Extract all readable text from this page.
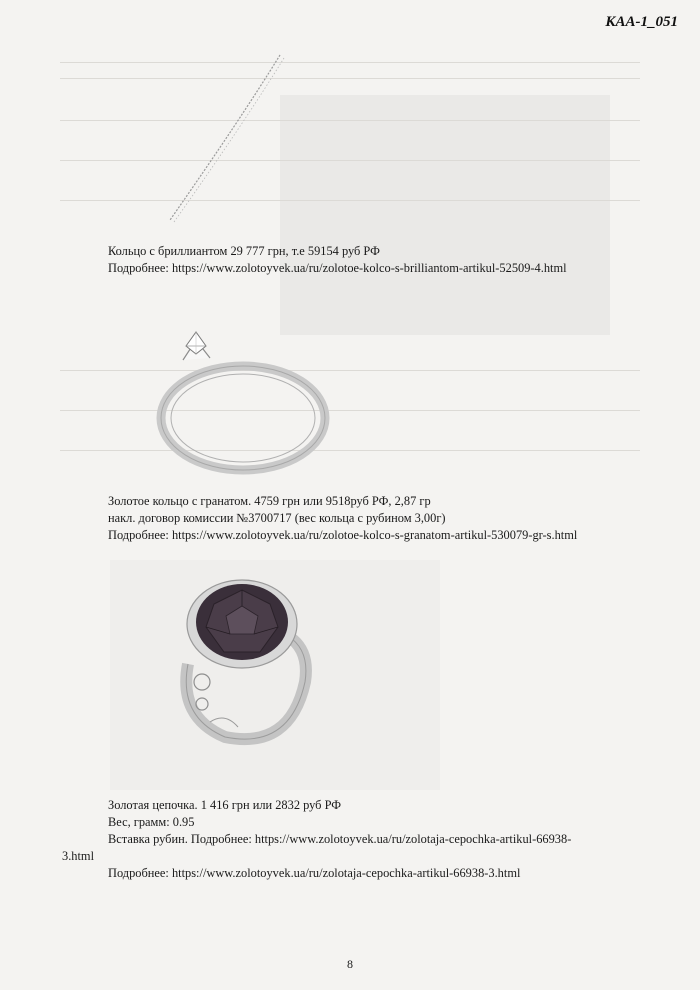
КАА-1_051

Кольцо с бриллиантом 29 777 грн, т.е 59154 руб РФ

Подробнее: https://www.zolotoyvek.ua/ru/zolotoe-kolco-s-brilliantom-artikul-52509-4.html

Золотое кольцо с гранатом. 4759 грн или 9518руб РФ, 2,87 гр

накл. договор комиссии №3700717 (вес кольца с рубином 3,00г)

Подробнее: https://www.zolotoyvek.ua/ru/zolotoe-kolco-s-granatom-artikul-530079-gr-s.html

Золотая цепочка. 1 416 грн или 2832 руб РФ

Вес, грамм: 0.95

Вставка рубин. Подробнее: https://www.zolotoyvek.ua/ru/zolotaja-cepochka-artikul-66938-

3.html

Подробнее: https://www.zolotoyvek.ua/ru/zolotaja-cepochka-artikul-66938-3.html

8
